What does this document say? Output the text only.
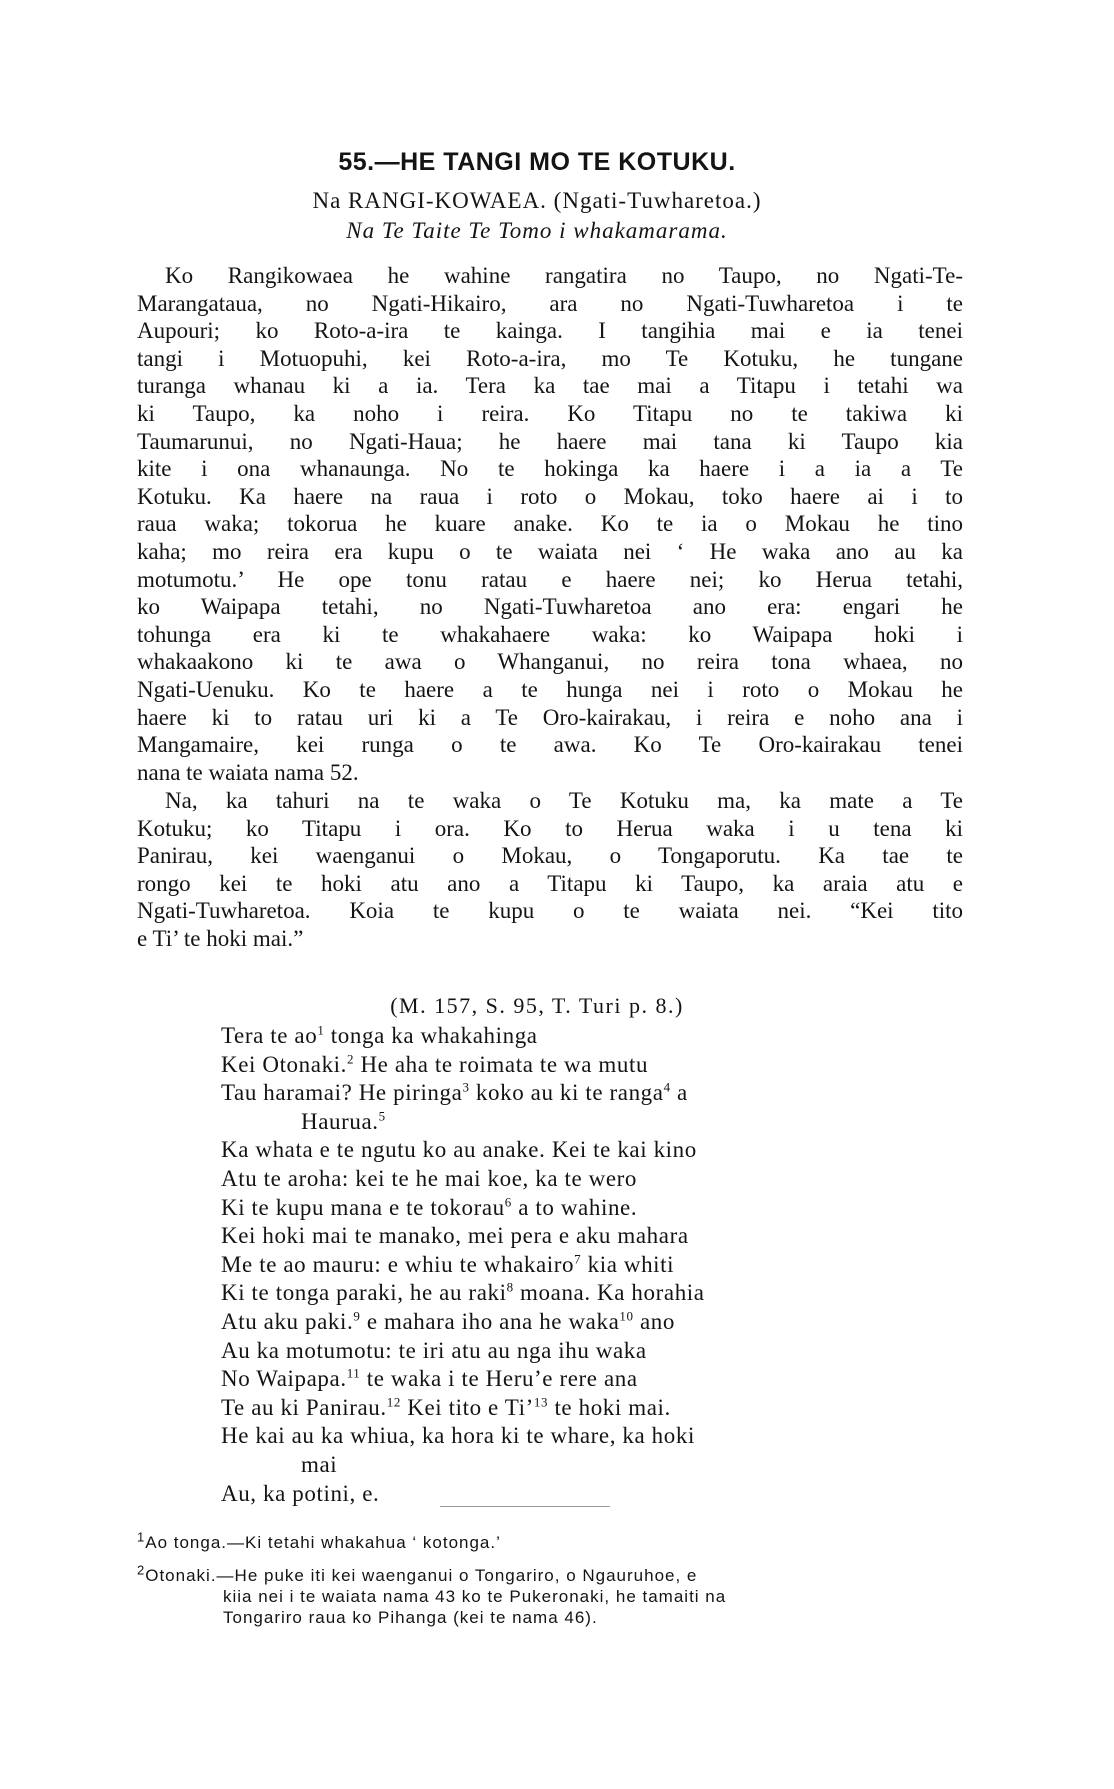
55.—HE TANGI MO TE KOTUKU.
Na RANGI-KOWAEA. (Ngati-Tuwharetoa.)
Na Te Taite Te Tomo i whakamarama.
Ko Rangikowaea he wahine rangatira no Taupo, no Ngati-Te-
Marangataua, no Ngati-Hikairo, ara no Ngati-Tuwharetoa i te
Aupouri; ko Roto-a-ira te kainga. I tangihia mai e ia tenei
tangi i Motuopuhi, kei Roto-a-ira, mo Te Kotuku, he tungane
turanga whanau ki a ia. Tera ka tae mai a Titapu i tetahi wa
ki Taupo, ka noho i reira. Ko Titapu no te takiwa ki
Taumarunui, no Ngati-Haua; he haere mai tana ki Taupo kia
kite i ona whanaunga. No te hokinga ka haere i a ia a Te
Kotuku. Ka haere na raua i roto o Mokau, toko haere ai i to
raua waka; tokorua he kuare anake. Ko te ia o Mokau he tino
kaha; mo reira era kupu o te waiata nei ‘ He waka ano au ka
motumotu.’ He ope tonu ratau e haere nei; ko Herua tetahi,
ko Waipapa tetahi, no Ngati-Tuwharetoa ano era: engari he
tohunga era ki te whakahaere waka: ko Waipapa hoki i
whakaakono ki te awa o Whanganui, no reira tona whaea, no
Ngati-Uenuku. Ko te haere a te hunga nei i roto o Mokau he
haere ki to ratau uri ki a Te Oro-kairakau, i reira e noho ana i
Mangamaire, kei runga o te awa. Ko Te Oro-kairakau tenei
nana te waiata nama 52.
Na, ka tahuri na te waka o Te Kotuku ma, ka mate a Te
Kotuku; ko Titapu i ora. Ko to Herua waka i u tena ki
Panirau, kei waenganui o Mokau, o Tongaporutu. Ka tae te
rongo kei te hoki atu ano a Titapu ki Taupo, ka araia atu e
Ngati-Tuwharetoa. Koia te kupu o te waiata nei. “Kei tito
e Ti’ te hoki mai.”
(M. 157, S. 95, T. Turi p. 8.)
Tera te $ao^1$ tonga ka whakahinga
Kei Otonaki.$^2$ He aha te roimata te wa mutu
Tau haramai? He piringa$^3$ koko au ki te ranga$^4$ a
Haurua.$^5$
Ka whata e te ngutu ko au anake. Kei te kai kino
Atu te aroha: kei te he mai koe, ka te wero
Ki te kupu mana e te tokorau$^6$ a to wahine.
Kei hoki mai te manako, mei pera e aku mahara
Me te ao mauru: e whiu te whakairo$^7$ kia whiti
Ki te tonga paraki, he au raki$^8$ moana. Ka horahia
Atu aku paki.$^9$ e mahara iho ana he waka$^{10}$ ano
Au ka motumotu: te iri atu au nga ihu waka
No Waipapa.$^{11}$ te waka i te Heru’e rere ana
Te au ki Panirau.$^{12}$ Kei tito e Ti’$^{13}$ te hoki mai.
He kai au ka whiua, ka hora ki te whare, ka hoki
mai
Au, ka potini, e.
$^1$Ao tonga.—Ki tetahi whakahua ‘ kotonga.’
$^2$Otonaki.—He puke iti kei waenganui o Tongariro, o Ngauruhoe, e
kiia nei i te waiata nama 43 ko te Pukeronaki, he tamaiti na
Tongariro raua ko Pihanga (kei te nama 46).
